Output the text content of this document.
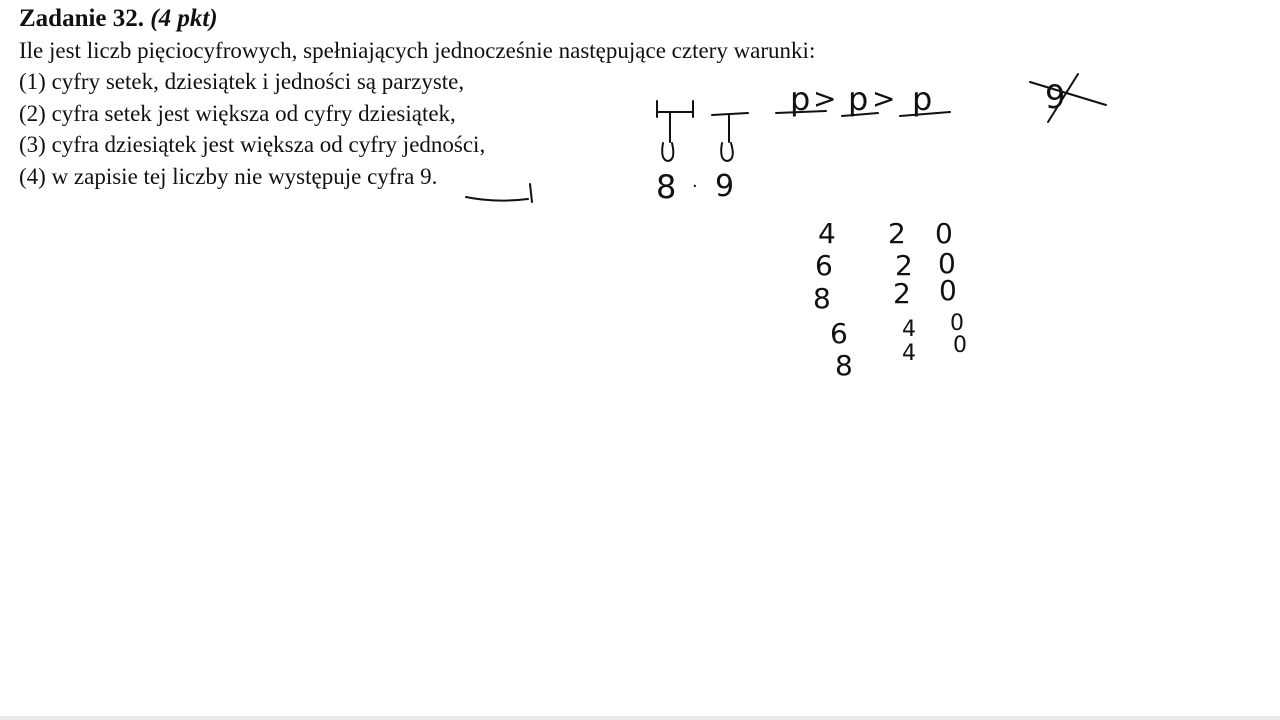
Zadanie 32. (4 pkt)
Ile jest liczb pięciocyfrowych, spełniających jednocześnie następujące cztery warunki:
(1) cyfry setek, dziesiątek i jedności są parzyste,
(2) cyfra setek jest większa od cyfry dziesiątek,
(3) cyfra dziesiątek jest większa od cyfry jedności,
(4) w zapisie tej liczby nie występuje cyfra 9.	8 · 9
p > p > p	9
4 2 0
6 2 0
8 2 0
6 4 0
8 4 0
